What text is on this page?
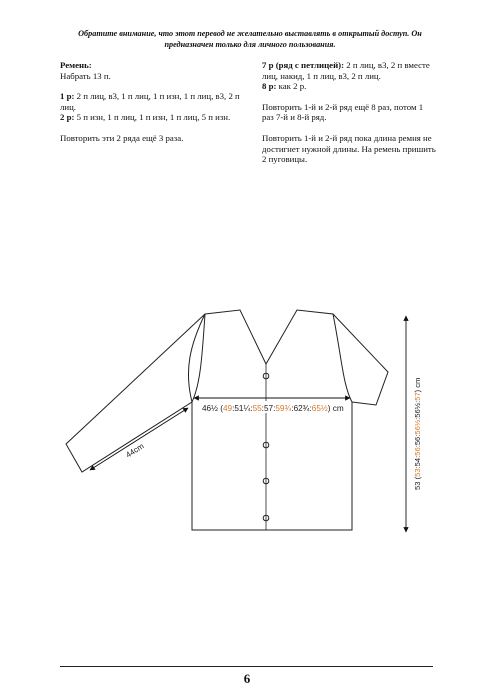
Обратите внимание, что этот перевод не желательно выставлять в открытый доступ. Он
предназначен только для личного пользования.

Ремень:

Набрать 13 п.

1 р: 2 п лиц, в3, 1 п лиц, 1 п изн, 1 п лиц, в3, 2 п лиц.

2 р: 5 п изн, 1 п лиц, 1 п изн, 1 п лиц, 5 п изн.

Повторить эти 2 ряда ещё 3 раза.

7 р (ряд с петлицей): 2 п лиц, в3, 2 п вместе лиц, накид, 1 п лиц, в3, 2 п лиц.

8 р: как 2 р.

Повторить 1-й и 2-й ряд ещё 8 раз, потом 1 раз 7-й и 8-й ряд.

Повторить 1-й и 2-й ряд пока длина ремня не достигнет нужной длины. На ремень пришить 2 пуговицы.

46½ (49:51¼:55:57:59¾:62¾:65½) cm
44cm
53 (53:54:56:56:56½:56½:57) cm
6
